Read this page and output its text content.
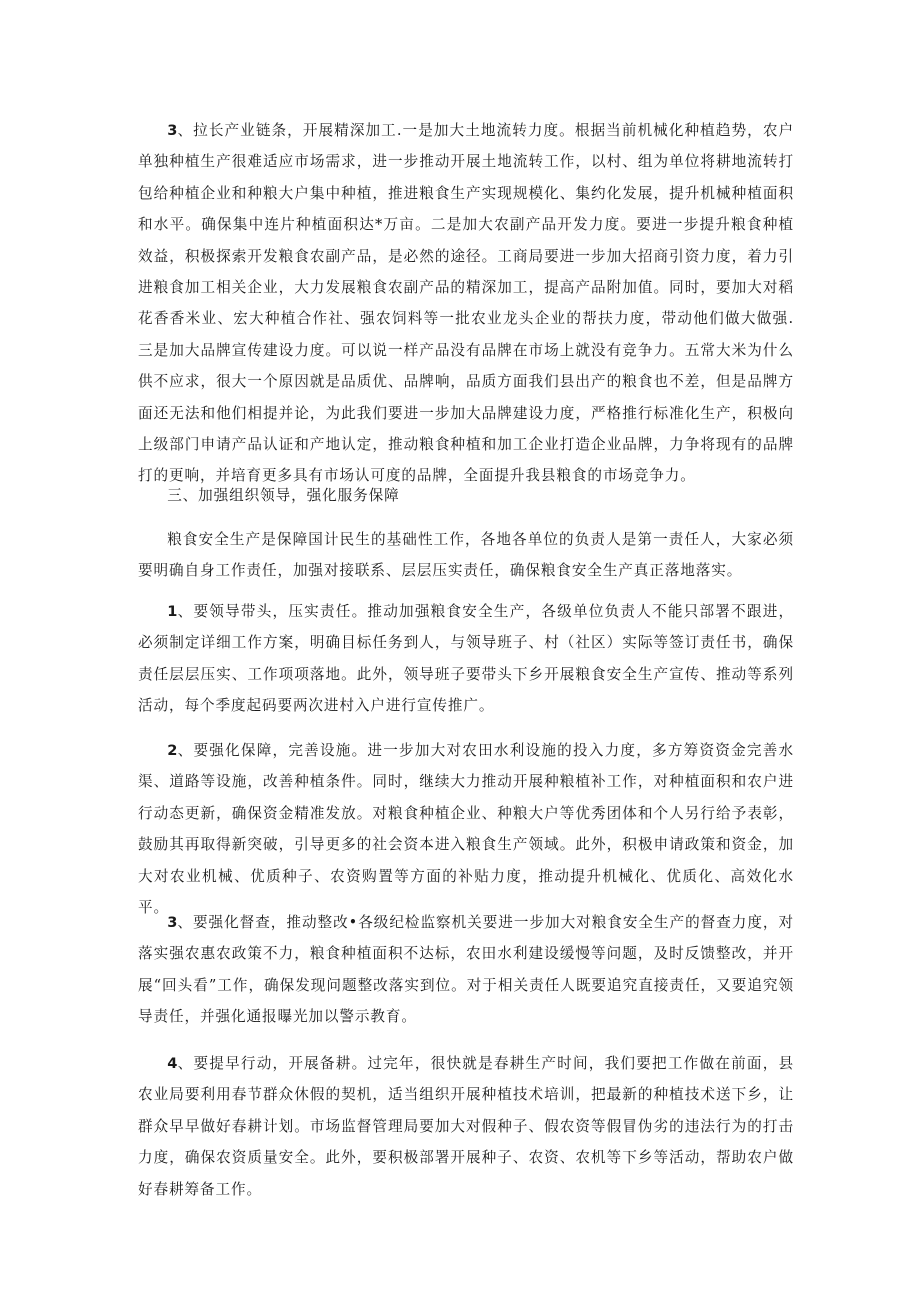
3、拉长产业链条，开展精深加工.一是加大土地流转力度。根据当前机械化种植趋势，农户单独种植生产很难适应市场需求，进一步推动开展土地流转工作，以村、组为单位将耕地流转打包给种植企业和种粮大户集中种植，推进粮食生产实现规模化、集约化发展，提升机械种植面积和水平。确保集中连片种植面积达*万亩。二是加大农副产品开发力度。要进一步提升粮食种植效益，积极探索开发粮食农副产品，是必然的途径。工商局要进一步加大招商引资力度，着力引进粮食加工相关企业，大力发展粮食农副产品的精深加工，提高产品附加值。同时，要加大对稻花香香米业、宏大种植合作社、强农饲料等一批农业龙头企业的帮扶力度，带动他们做大做强.三是加大品牌宣传建设力度。可以说一样产品没有品牌在市场上就没有竞争力。五常大米为什么供不应求，很大一个原因就是品质优、品牌响，品质方面我们县出产的粮食也不差，但是品牌方面还无法和他们相提并论，为此我们要进一步加大品牌建设力度，严格推行标准化生产，积极向上级部门申请产品认证和产地认定，推动粮食种植和加工企业打造企业品牌，力争将现有的品牌打的更响，并培育更多具有市场认可度的品牌，全面提升我县粮食的市场竞争力。

三、加强组织领导，强化服务保障

粮食安全生产是保障国计民生的基础性工作，各地各单位的负责人是第一责任人，大家必须要明确自身工作责任，加强对接联系、层层压实责任，确保粮食安全生产真正落地落实。

1、要领导带头，压实责任。推动加强粮食安全生产，各级单位负责人不能只部署不跟进，必须制定详细工作方案，明确目标任务到人，与领导班子、村（社区）实际等签订责任书，确保责任层层压实、工作项项落地。此外，领导班子要带头下乡开展粮食安全生产宣传、推动等系列活动，每个季度起码要两次进村入户进行宣传推广。

2、要强化保障，完善设施。进一步加大对农田水利设施的投入力度，多方筹资资金完善水渠、道路等设施，改善种植条件。同时，继续大力推动开展种粮植补工作，对种植面积和农户进行动态更新，确保资金精准发放。对粮食种植企业、种粮大户等优秀团体和个人另行给予表彰，鼓励其再取得新突破，引导更多的社会资本进入粮食生产领域。此外，积极申请政策和资金，加大对农业机械、优质种子、农资购置等方面的补贴力度，推动提升机械化、优质化、高效化水平。

3、要强化督查，推动整改•各级纪检监察机关要进一步加大对粮食安全生产的督查力度，对落实强农惠农政策不力，粮食种植面积不达标，农田水利建设缓慢等问题，及时反馈整改，并开展“回头看”工作，确保发现问题整改落实到位。对于相关责任人既要追究直接责任，又要追究领导责任，并强化通报曝光加以警示教育。

4、要提早行动，开展备耕。过完年，很快就是春耕生产时间，我们要把工作做在前面，县农业局要利用春节群众休假的契机，适当组织开展种植技术培训，把最新的种植技术送下乡，让群众早早做好春耕计划。市场监督管理局要加大对假种子、假农资等假冒伪劣的违法行为的打击力度，确保农资质量安全。此外，要积极部署开展种子、农资、农机等下乡等活动，帮助农户做好春耕筹备工作。
